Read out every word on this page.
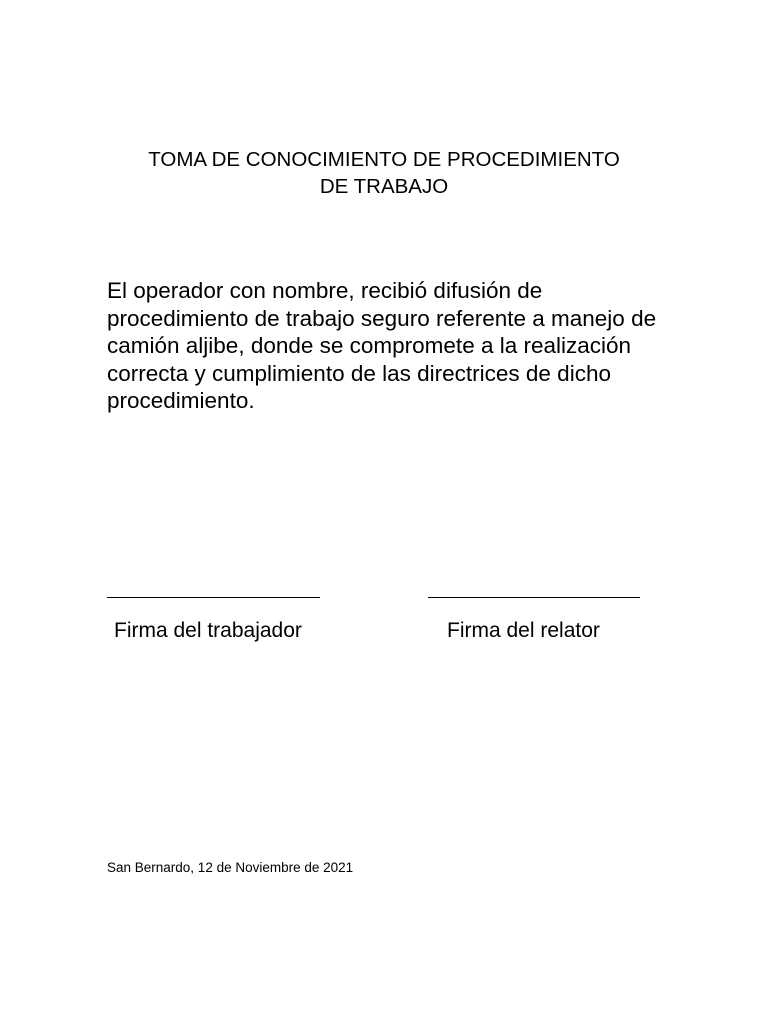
TOMA DE CONOCIMIENTO DE PROCEDIMIENTO
DE TRABAJO
El operador con nombre, recibió difusión de
procedimiento de trabajo seguro referente a manejo de
camión aljibe, donde se compromete a la realización
correcta y cumplimiento de las directrices de dicho
procedimiento.
Firma del trabajador	Firma del relator
San Bernardo, 12 de Noviembre de 2021
